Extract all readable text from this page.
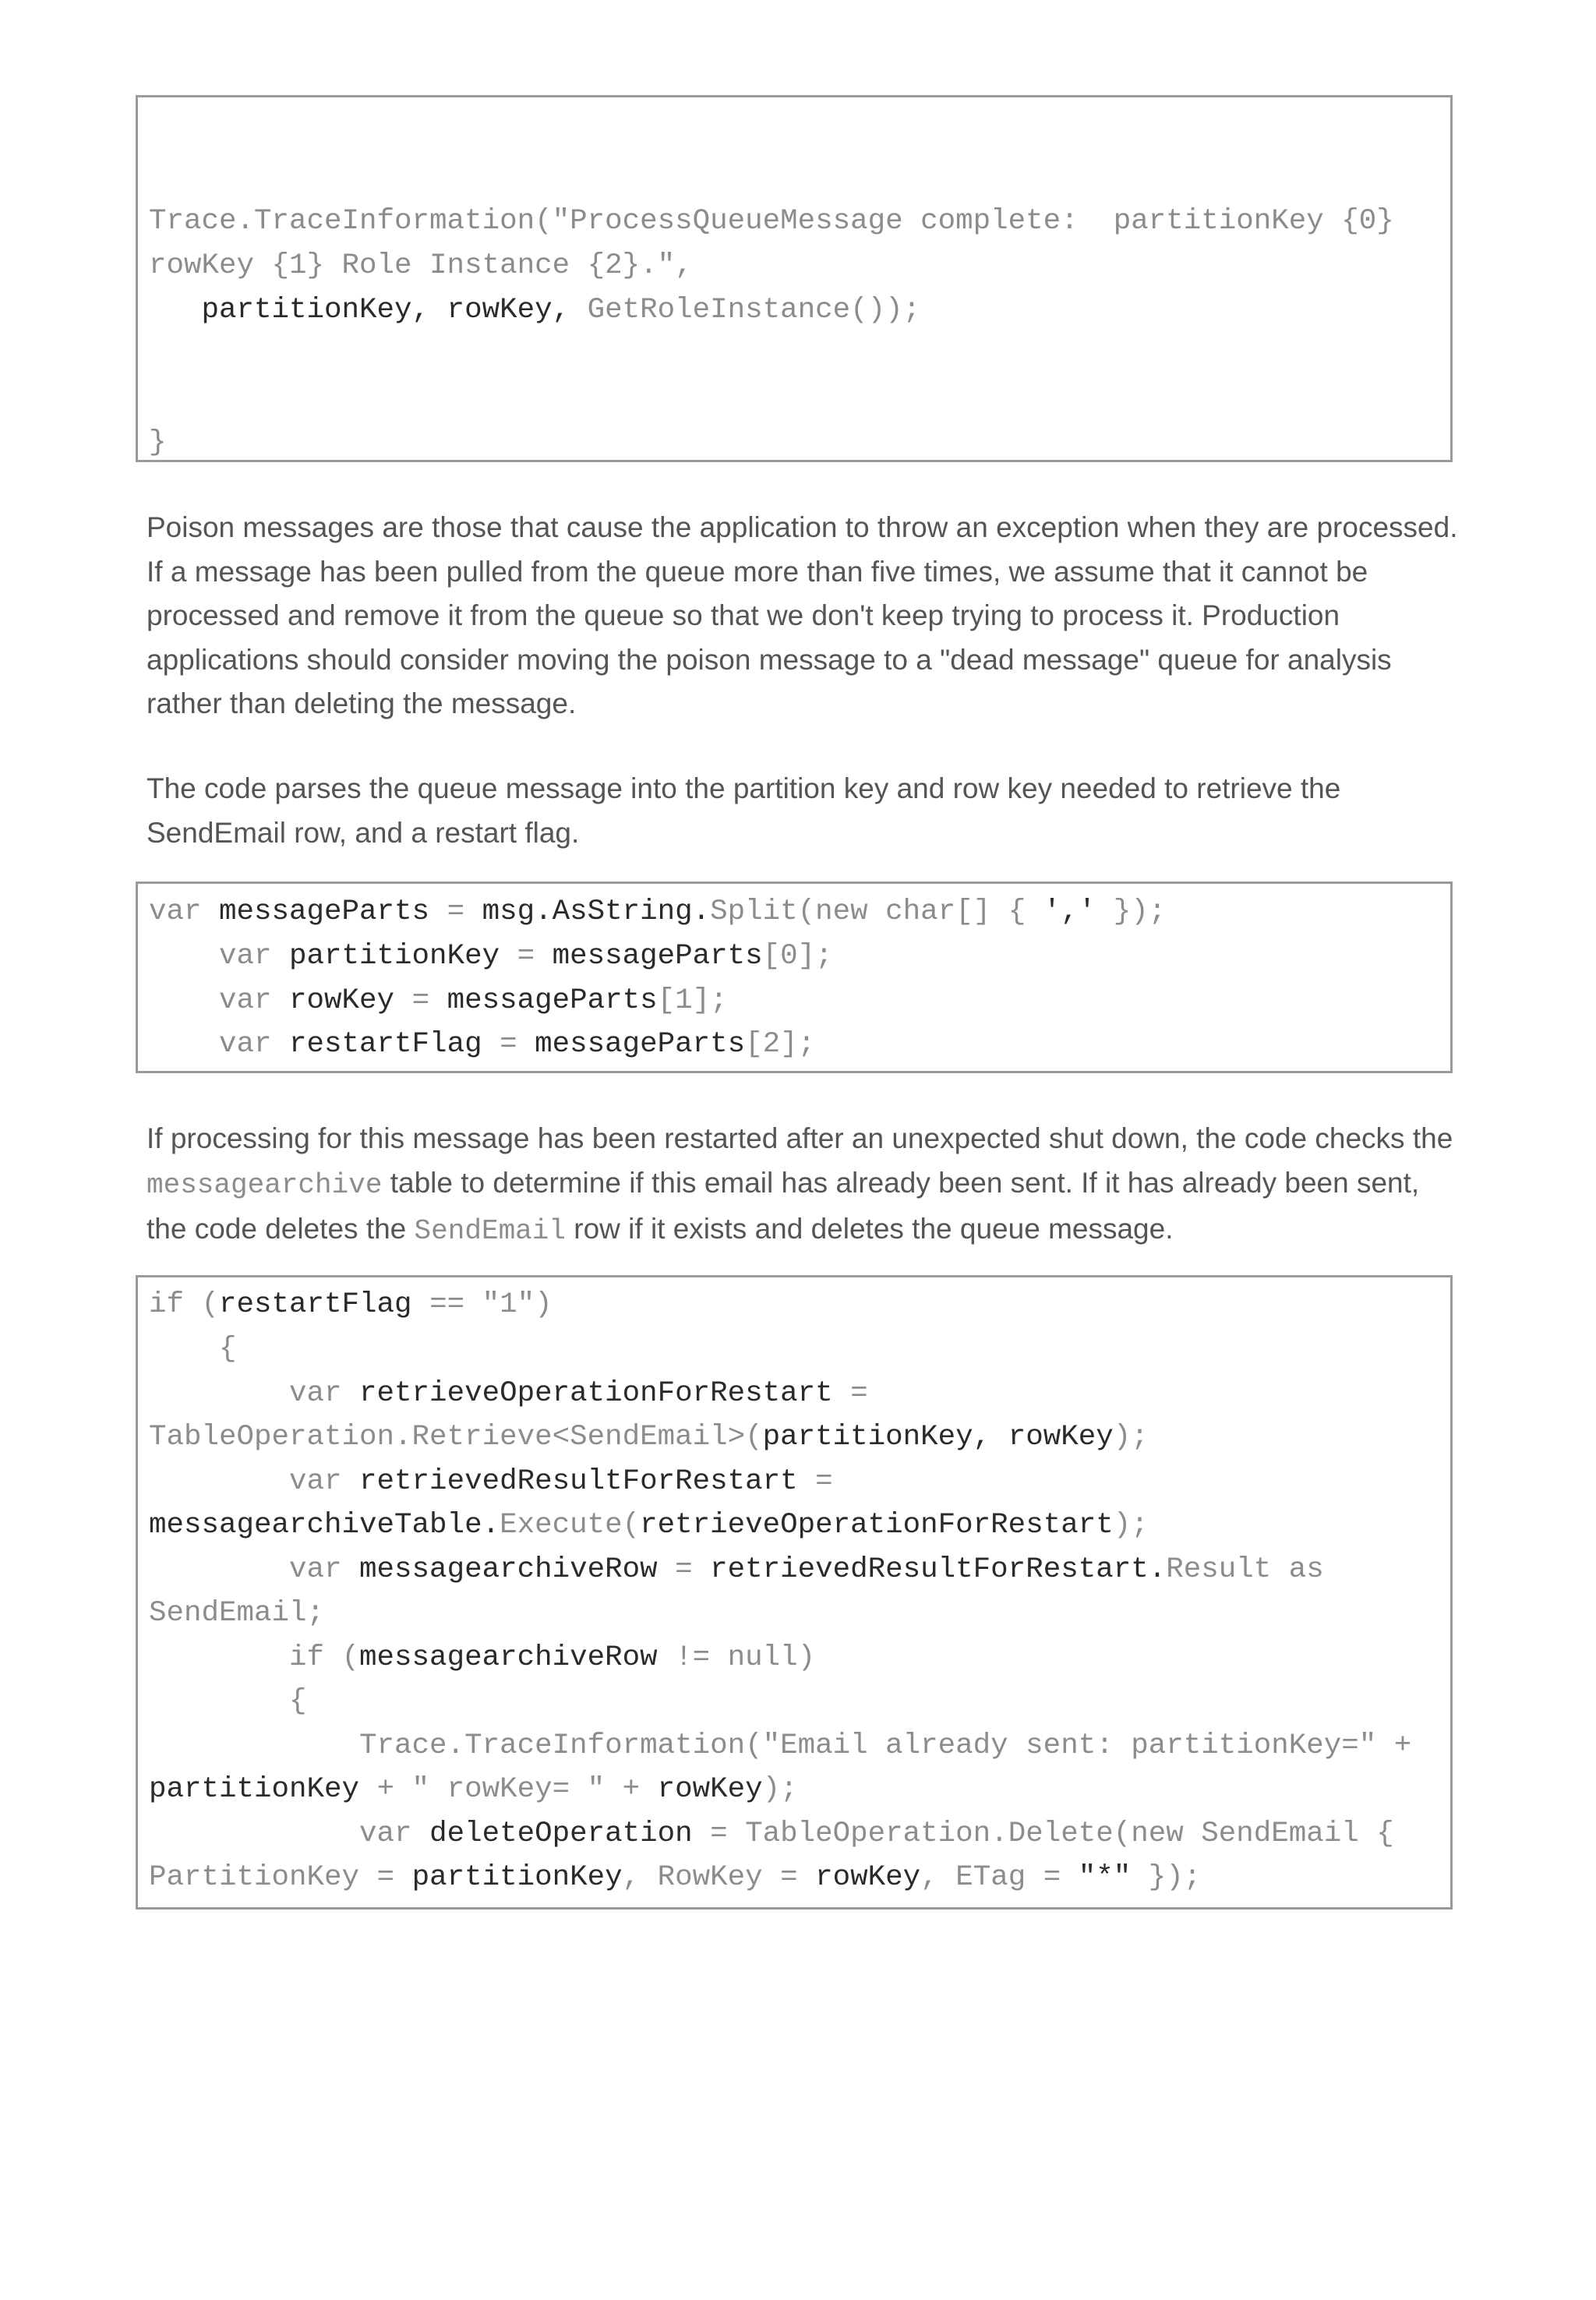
Trace.TraceInformation("ProcessQueueMessage complete:  partitionKey {0}
rowKey {1} Role Instance {2}.",
partitionKey, rowKey, GetRoleInstance());
}

Poison messages are those that cause the application to throw an exception when they are processed. If a message has been pulled from the queue more than five times, we assume that it cannot be processed and remove it from the queue so that we don't keep trying to process it. Production applications should consider moving the poison message to a "dead message" queue for analysis rather than deleting the message.

The code parses the queue message into the partition key and row key needed to retrieve the SendEmail row, and a restart flag.

var messageParts = msg.AsString.Split(new char[] { ',' });
var partitionKey = messageParts[0];
var rowKey = messageParts[1];
var restartFlag = messageParts[2];

If processing for this message has been restarted after an unexpected shut down, the code checks the messagearchive table to determine if this email has already been sent. If it has already been sent, the code deletes the SendEmail row if it exists and deletes the queue message.

if (restartFlag == "1")
{
var retrieveOperationForRestart =
TableOperation.Retrieve<SendEmail>(partitionKey, rowKey);
var retrievedResultForRestart =
messagearchiveTable.Execute(retrieveOperationForRestart);
var messagearchiveRow = retrievedResultForRestart.Result as
SendEmail;
if (messagearchiveRow != null)
{
Trace.TraceInformation("Email already sent: partitionKey=" +
partitionKey + " rowKey= " + rowKey);
var deleteOperation = TableOperation.Delete(new SendEmail {
PartitionKey = partitionKey, RowKey = rowKey, ETag = "*" });
